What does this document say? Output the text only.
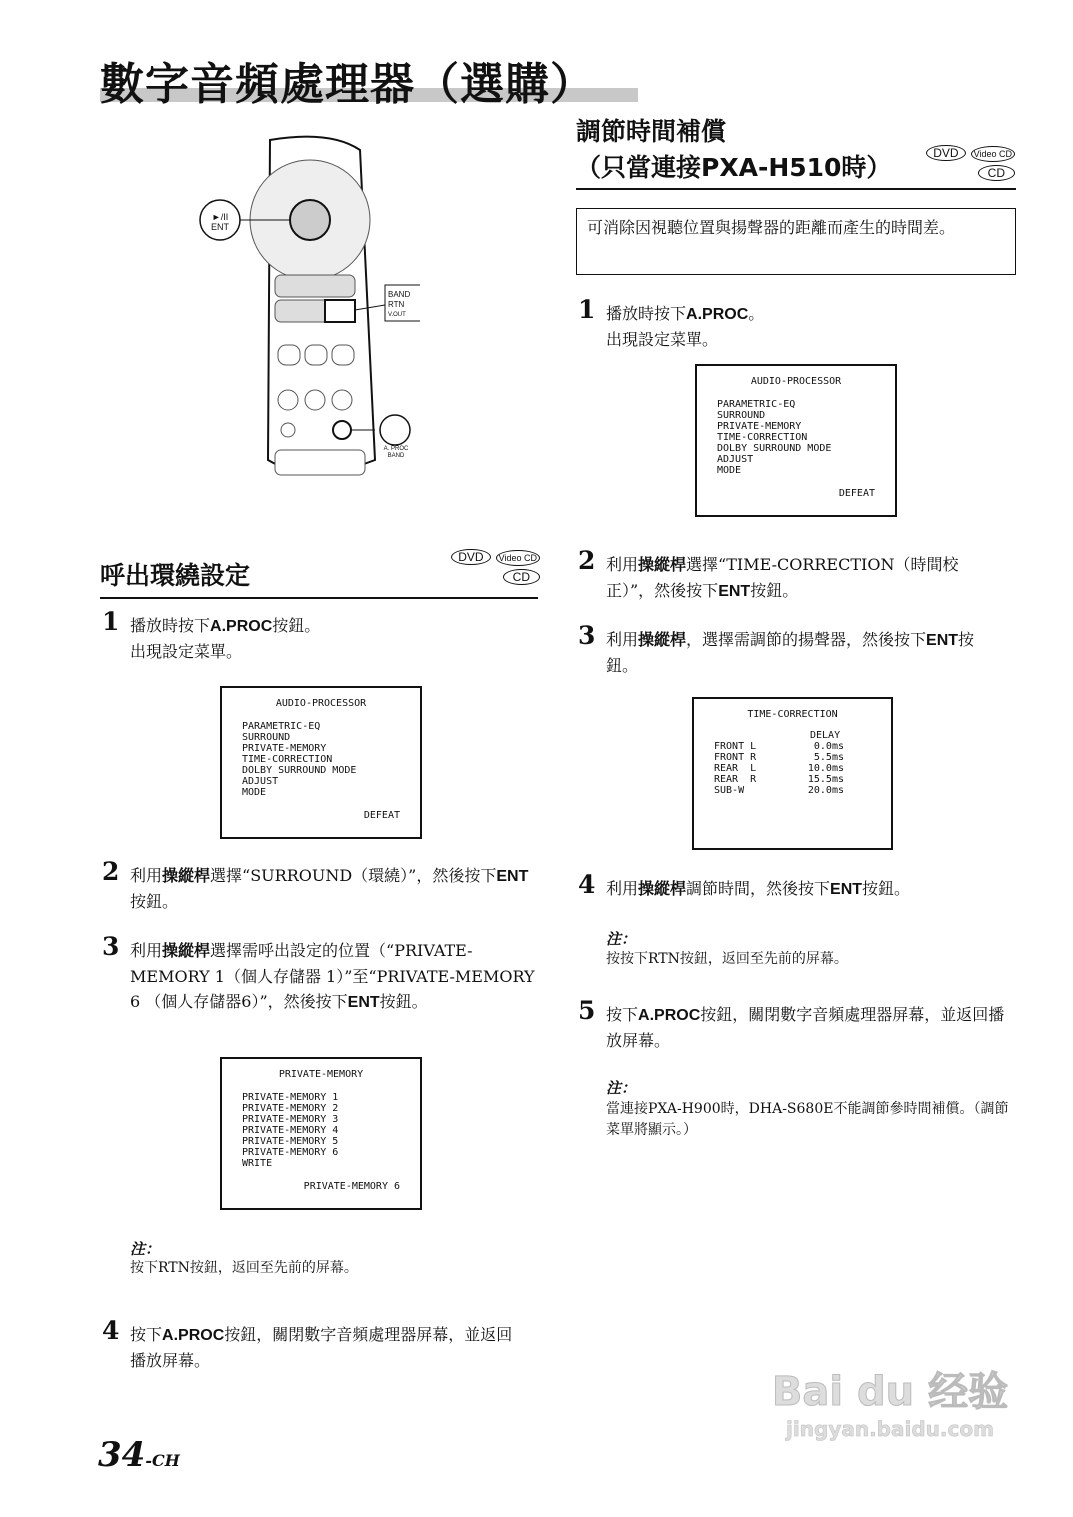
數字音頻處理器（選購）
►/II
ENT
BAND
RTN
V.OUT
A. PROC
BAND
呼出環繞設定
DVD Video CD
CD
1 播放時按下A.PROC按鈕。
出現設定菜單。
AUDIO-PROCESSOR
PARAMETRIC-EQ
SURROUND
PRIVATE-MEMORY
TIME-CORRECTION
DOLBY SURROUND MODE
ADJUST
MODE
DEFEAT
2 利用操縱桿選擇“SURROUND（環繞）”，然後按下ENT按鈕。
3 利用操縱桿選擇需呼出設定的位置（“PRIVATE-MEMORY 1（個人存儲器 1）”至“PRIVATE-MEMORY 6 （個人存儲器6）”，然後按下ENT按鈕。
PRIVATE-MEMORY
PRIVATE-MEMORY 1
PRIVATE-MEMORY 2
PRIVATE-MEMORY 3
PRIVATE-MEMORY 4
PRIVATE-MEMORY 5
PRIVATE-MEMORY 6
WRITE
PRIVATE-MEMORY 6
注：
按下RTN按鈕，返回至先前的屏幕。
4 按下A.PROC按鈕，關閉數字音頻處理器屏幕，並返回播放屏幕。
調節時間補償
（只當連接PXA-H510時）	DVD Video CD
CD
可消除因視聽位置與揚聲器的距離而產生的時間差。
1 播放時按下A.PROC。
出現設定菜單。
AUDIO-PROCESSOR
PARAMETRIC-EQ
SURROUND
PRIVATE-MEMORY
TIME-CORRECTION
DOLBY SURROUND MODE
ADJUST
MODE
DEFEAT
2 利用操縱桿選擇“TIME-CORRECTION（時間校正）”，然後按下ENT按鈕。
3 利用操縱桿，選擇需調節的揚聲器，然後按下ENT按鈕。
TIME-CORRECTION
DELAY
FRONT L	0.0ms
FRONT R	5.5ms
REAR  L	10.0ms
REAR  R	15.5ms
SUB-W	20.0ms
4 利用操縱桿調節時間，然後按下ENT按鈕。
注：
按按下RTN按鈕，返回至先前的屏幕。
5 按下A.PROC按鈕，關閉數字音頻處理器屏幕，並返回播放屏幕。
注：
當連接PXA-H900時，DHA-S680E不能調節參時間補償。（調節菜單將顯示。）
34-CH
Bai du 经验
jingyan.baidu.com
